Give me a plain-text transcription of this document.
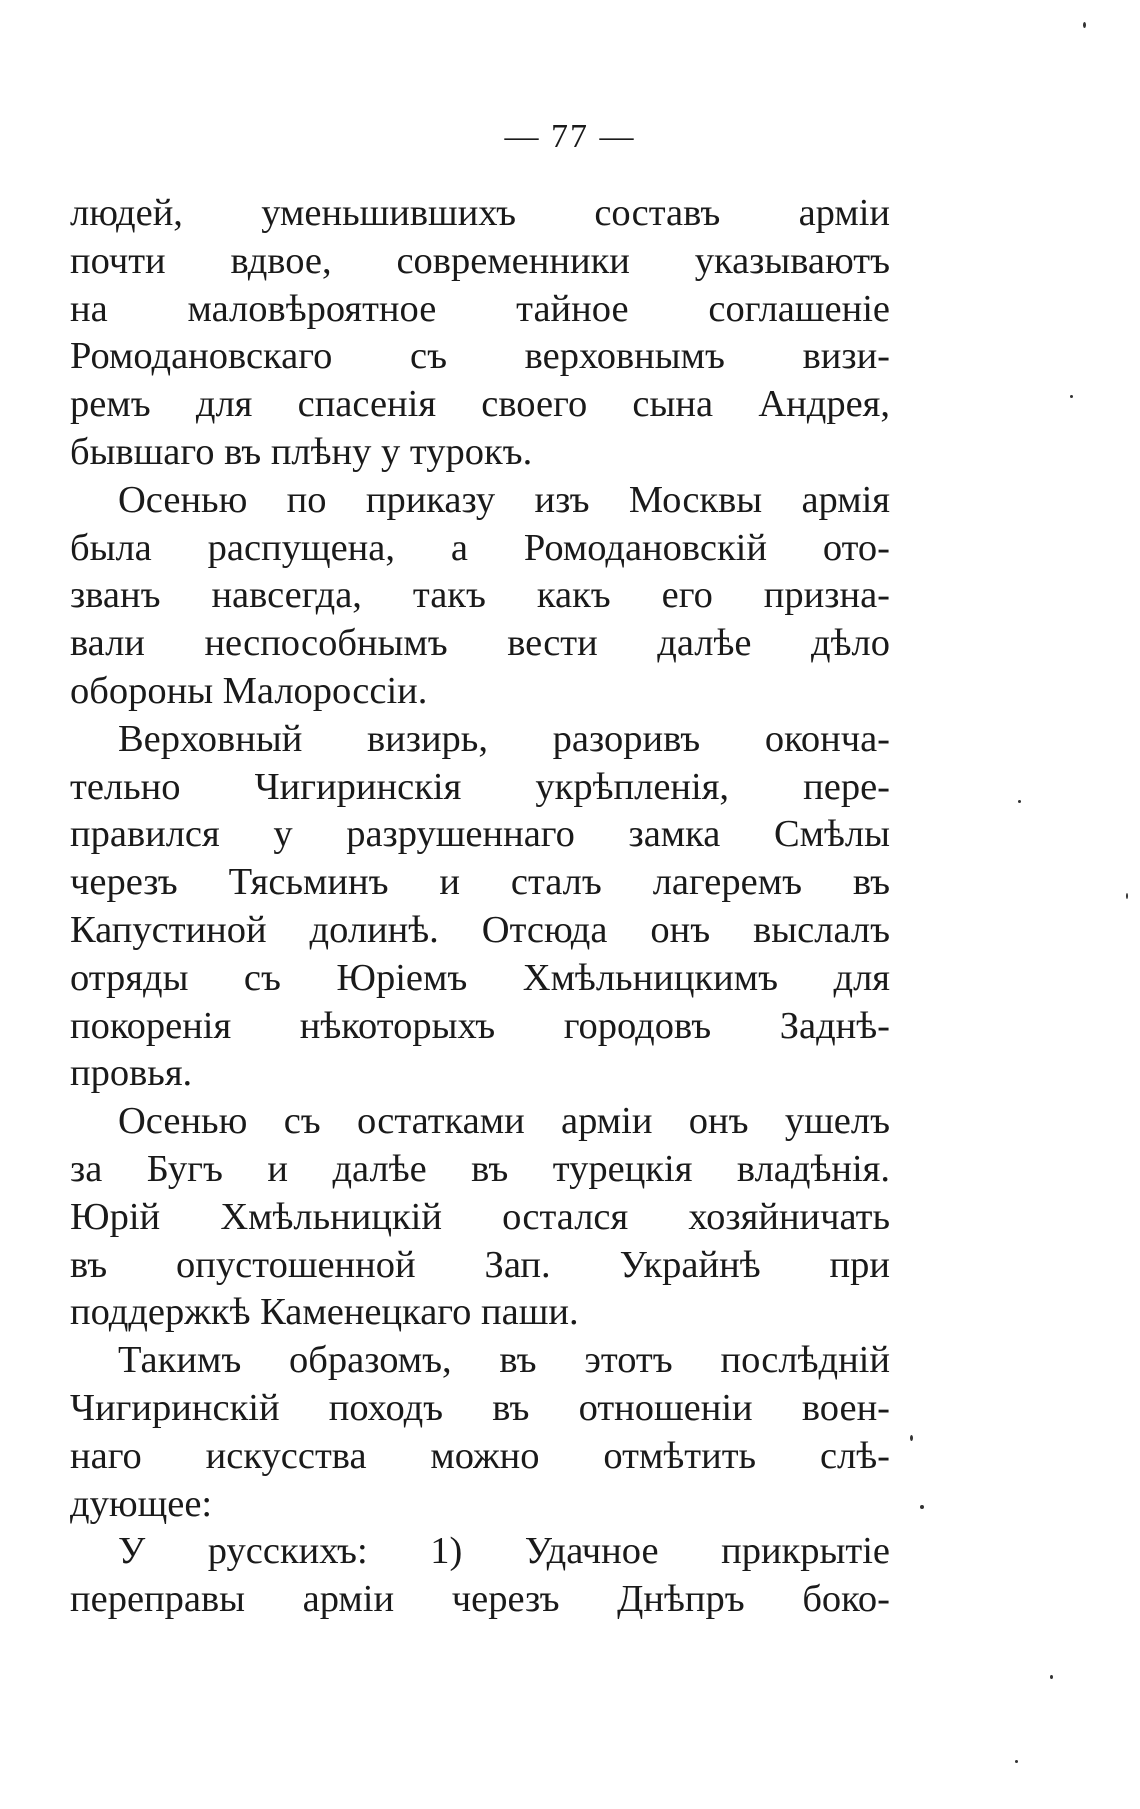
— 77 —
людей, уменьшившихъ составъ арміи
почти вдвое, современники указываютъ
на маловѣроятное тайное соглашеніе
Ромодановскаго съ верховнымъ визи-
ремъ для спасенія своего сына Андрея,
бывшаго въ плѣну у турокъ.
Осенью по приказу изъ Москвы армія
была распущена, а Ромодановскій ото-
званъ навсегда, такъ какъ его призна-
вали неспособнымъ вести далѣе дѣло
обороны Малороссіи.
Верховный визирь, разоривъ оконча-
тельно Чигиринскія укрѣпленія, пере-
правился у разрушеннаго замка Смѣлы
черезъ Тясьминъ и сталъ лагеремъ въ
Капустиной долинѣ. Отсюда онъ выслалъ
отряды съ Юріемъ Хмѣльницкимъ для
покоренія нѣкоторыхъ городовъ Заднѣ-
провья.
Осенью съ остатками арміи онъ ушелъ
за Бугъ и далѣе въ турецкія владѣнія.
Юрій Хмѣльницкій остался хозяйничать
въ опустошенной Зап. Украйнѣ при
поддержкѣ Каменецкаго паши.
Такимъ образомъ, въ этотъ послѣдній
Чигиринскій походъ въ отношеніи воен-
наго искусства можно отмѣтить слѣ-
дующее:
У русскихъ: 1) Удачное прикрытіе
переправы арміи черезъ Днѣпръ боко-
